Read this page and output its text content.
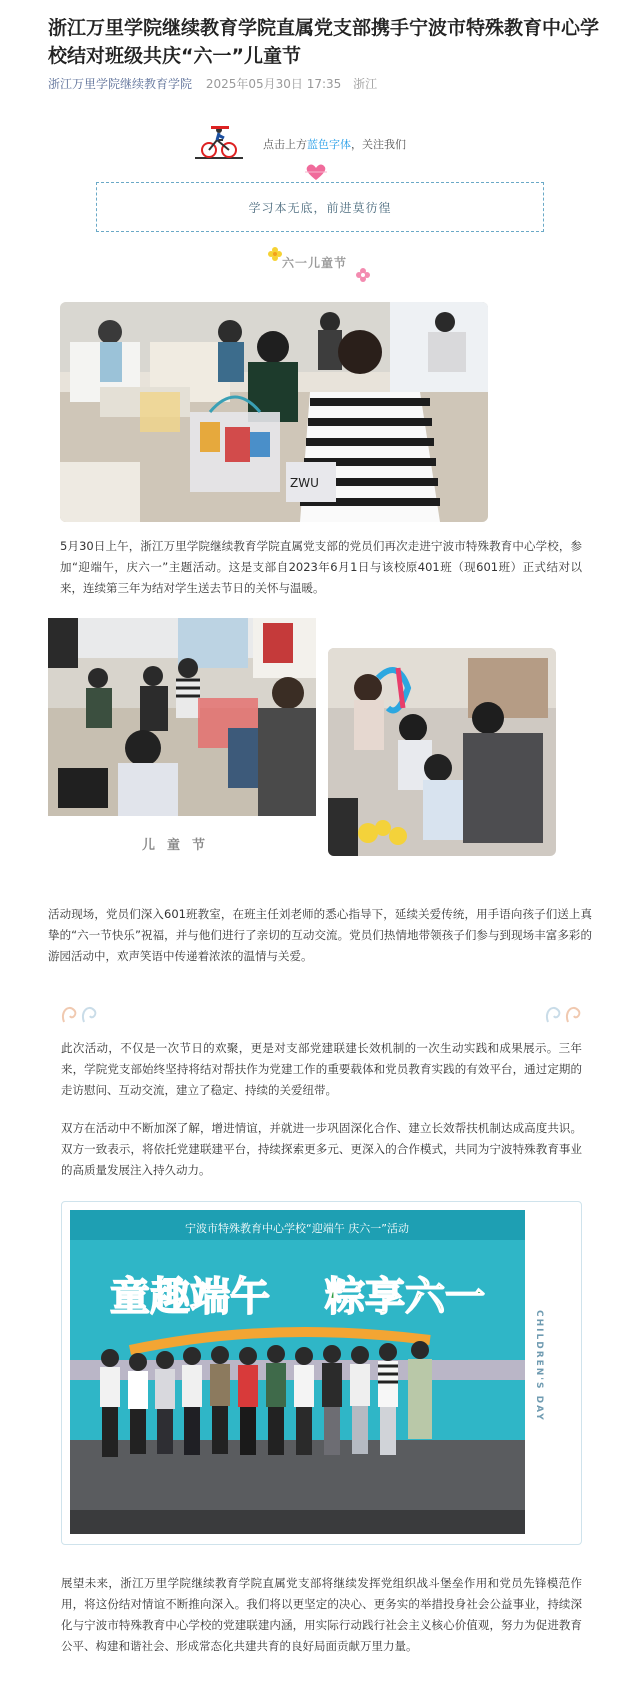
浙江万里学院继续教育学院直属党支部携手宁波市特殊教育中心学校结对班级共庆“六一”儿童节
浙江万里学院继续教育学院 2025年05月30日 17:35 浙江
点击上方蓝色字体，关注我们
学习本无底，前进莫彷徨
六一儿童节
ZWU

5月30日上午，浙江万里学院继续教育学院直属党支部的党员们再次走进宁波市特殊教育中心学校，参加“迎端午，庆六一”主题活动。这是支部自2023年6月1日与该校原401班（现601班）正式结对以来，连续第三年为结对学生送去节日的关怀与温暖。

儿童节

活动现场，党员们深入601班教室，在班主任刘老师的悉心指导下，延续关爱传统，用手语向孩子们送上真挚的“六一节快乐”祝福，并与他们进行了亲切的互动交流。党员们热情地带领孩子们参与到现场丰富多彩的游园活动中，欢声笑语中传递着浓浓的温情与关爱。

此次活动，不仅是一次节日的欢聚，更是对支部党建联建长效机制的一次生动实践和成果展示。三年来，学院党支部始终坚持将结对帮扶作为党建工作的重要载体和党员教育实践的有效平台，通过定期的走访慰问、互动交流，建立了稳定、持续的关爱纽带。

双方在活动中不断加深了解，增进情谊，并就进一步巩固深化合作、建立长效帮扶机制达成高度共识。双方一致表示，将依托党建联建平台，持续探索更多元、更深入的合作模式，共同为宁波特殊教育事业的高质量发展注入持久动力。

宁波市特殊教育中心学校“迎端午 庆六一”活动
童趣端午 粽享六一
CHILDREN'S DAY

展望未来，浙江万里学院继续教育学院直属党支部将继续发挥党组织战斗堡垒作用和党员先锋模范作用，将这份结对情谊不断推向深入。我们将以更坚定的决心、更务实的举措投身社会公益事业，持续深化与宁波市特殊教育中心学校的党建联建内涵，用实际行动践行社会主义核心价值观，努力为促进教育公平、构建和谐社会、形成常态化共建共育的良好局面贡献万里力量。
